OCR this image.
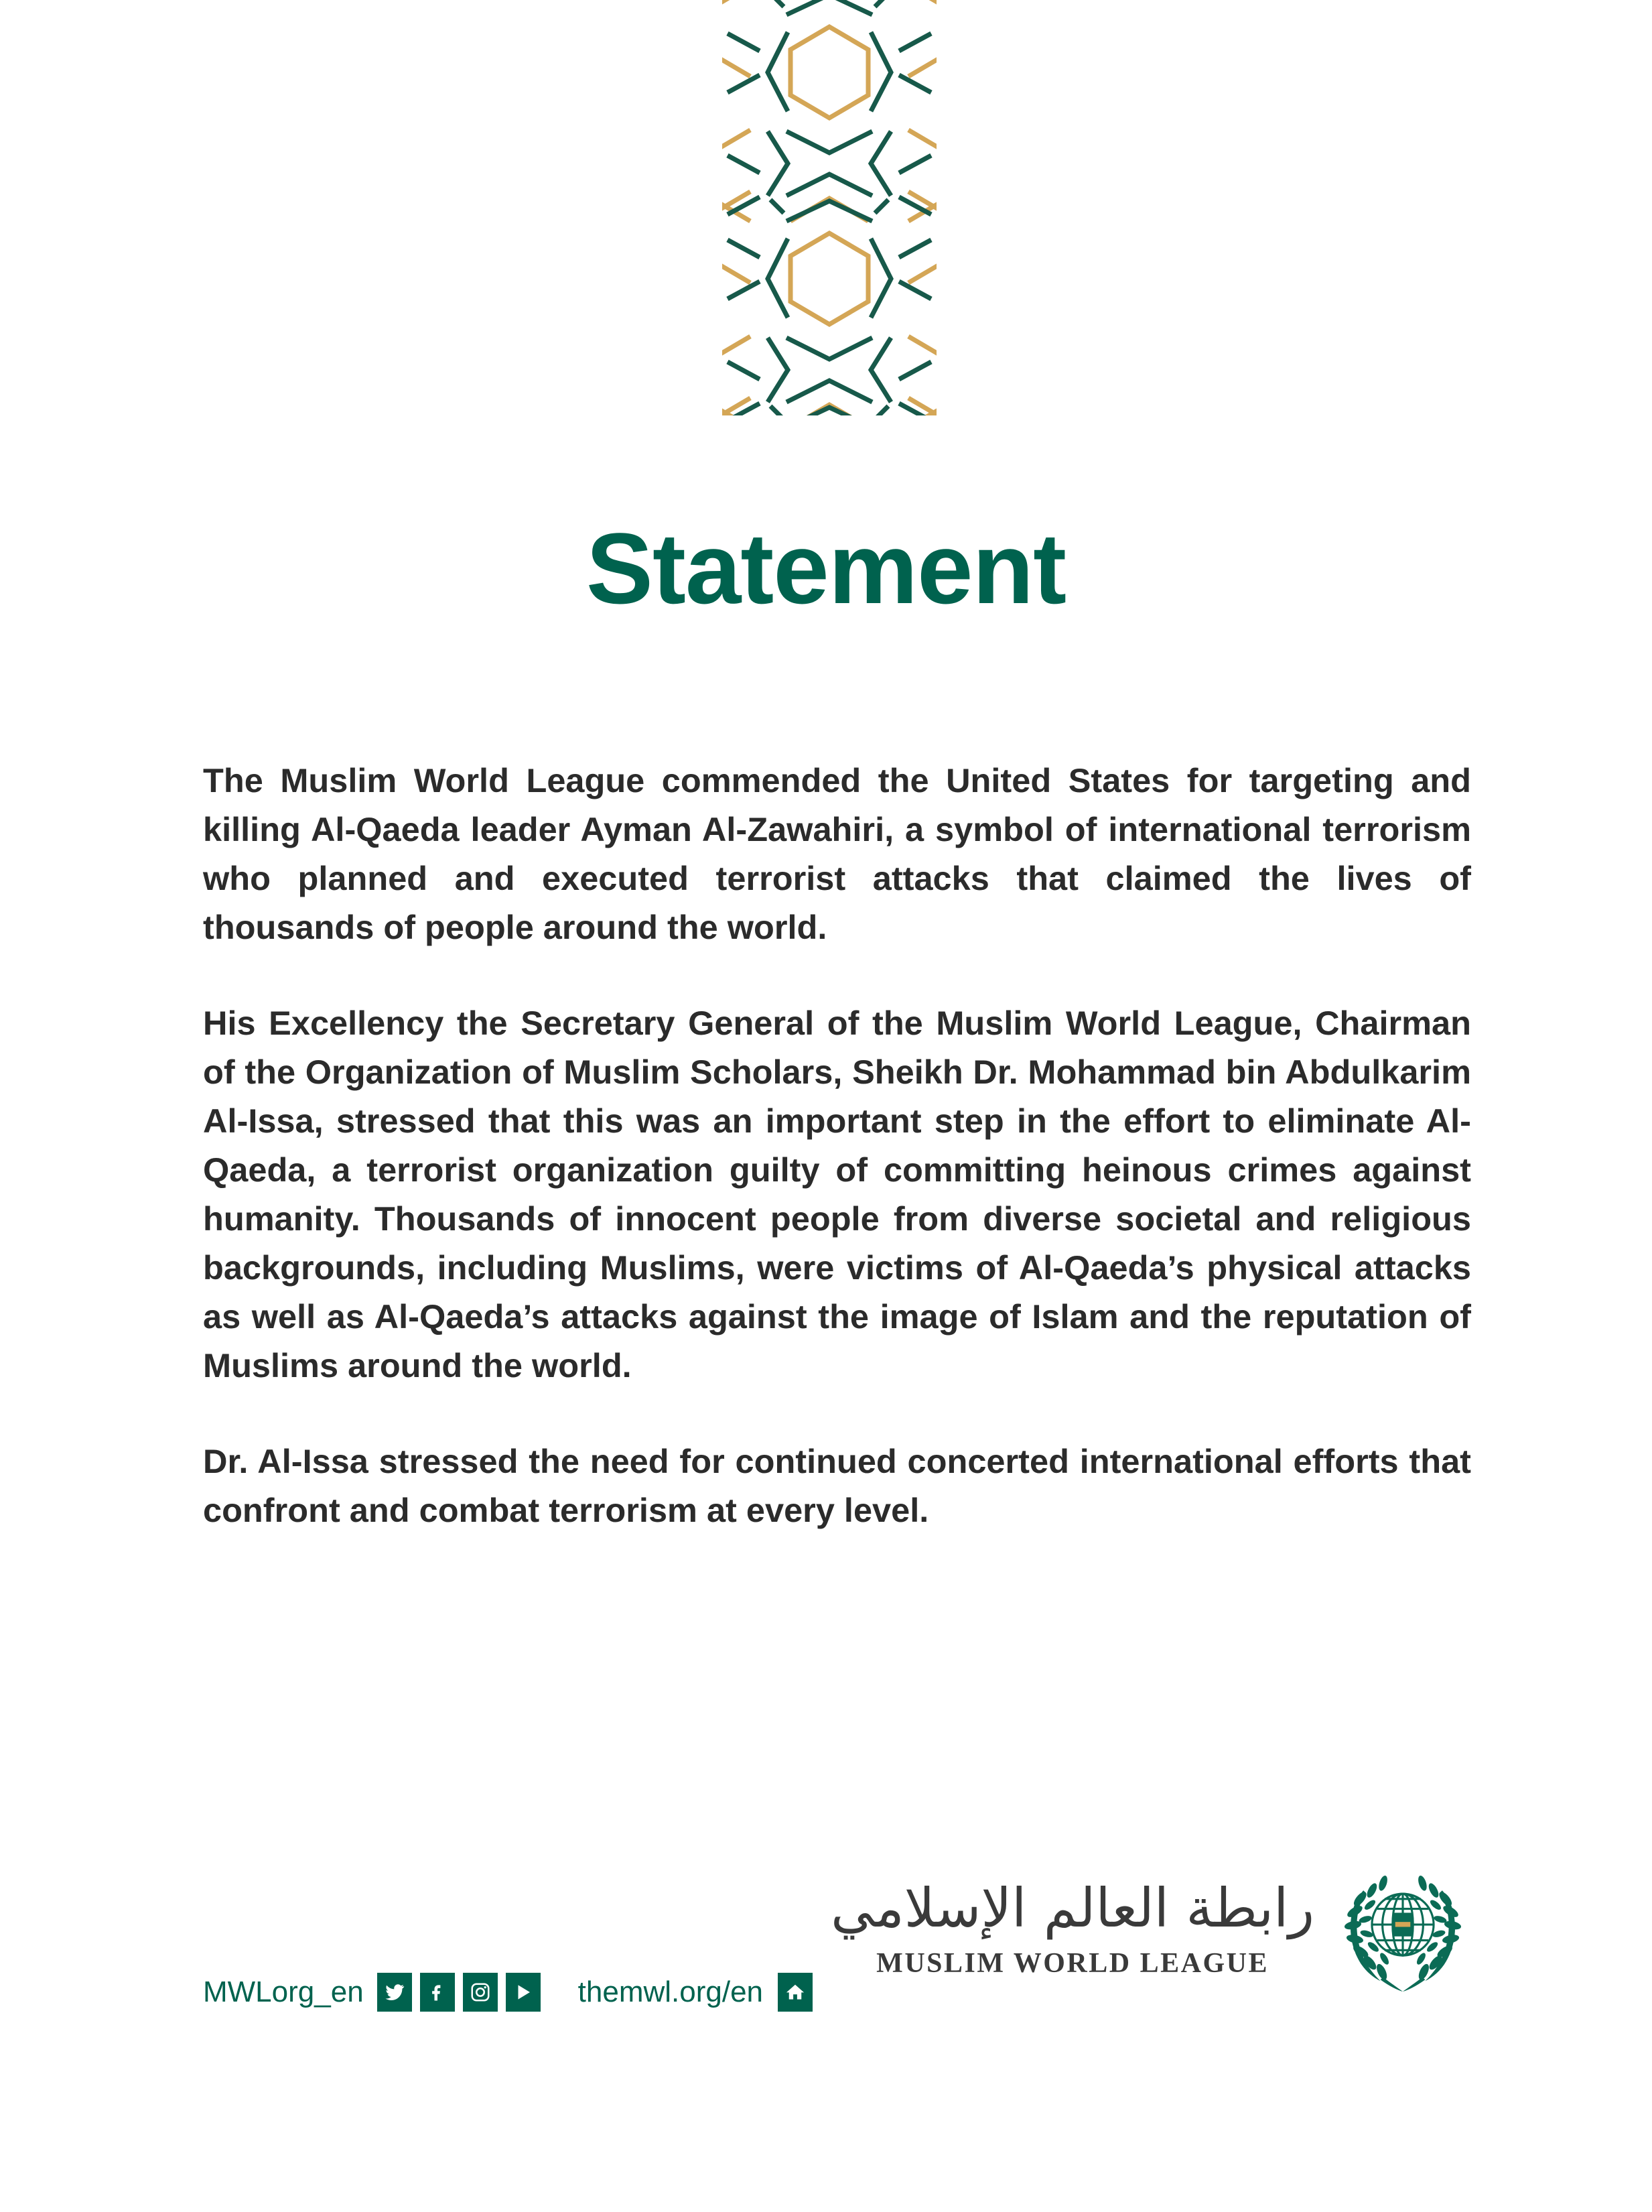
Statement

The Muslim World League commended the United States for targeting and killing Al-Qaeda leader Ayman Al-Zawahiri, a symbol of international terrorism who planned and executed terrorist attacks that claimed the lives of thousands of people around the world.

His Excellency the Secretary General of the Muslim World League, Chairman of the Organization of Muslim Scholars, Sheikh Dr. Mohammad bin Abdulkarim Al-Issa, stressed that this was an important step in the effort to eliminate Al-Qaeda, a terrorist organization guilty of committing heinous crimes against humanity. Thousands of innocent people from diverse societal and religious backgrounds, including Muslims, were victims of Al-Qaeda’s physical attacks as well as Al-Qaeda’s attacks against the image of Islam and the reputation of Muslims around the world.

Dr. Al-Issa stressed the need for continued concerted international efforts that confront and combat terrorism at every level.

MWLorg_en	themwl.org/en
رابطة العالم الإسلامي
MUSLIM WORLD LEAGUE
